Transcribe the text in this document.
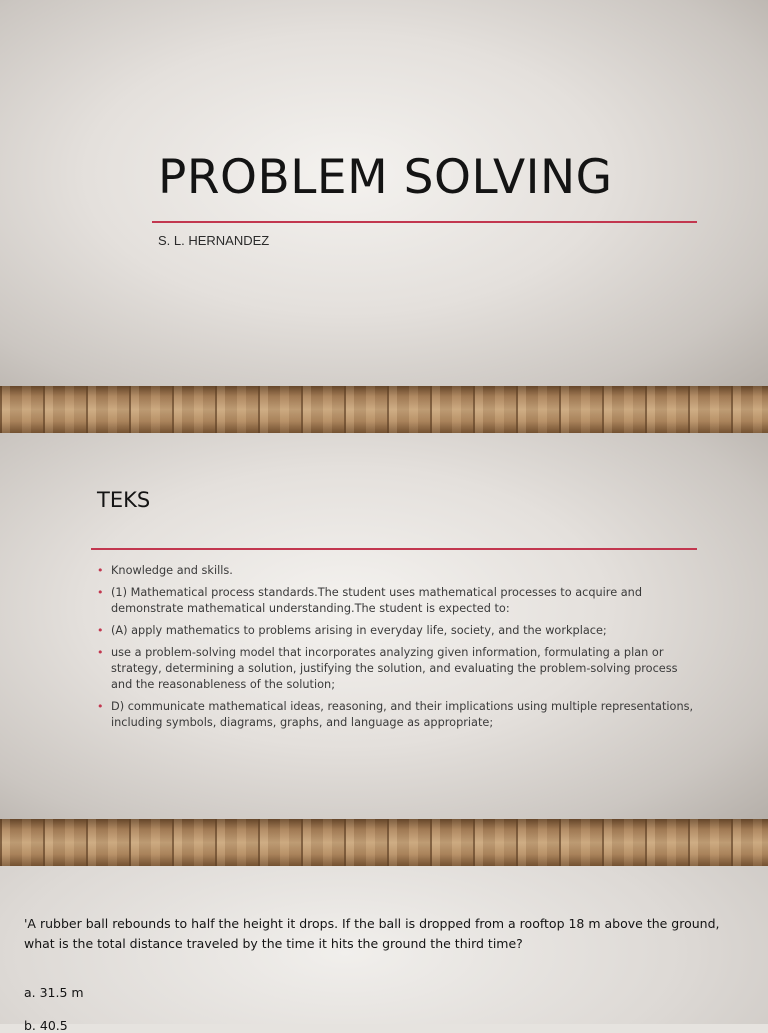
PROBLEM SOLVING
S. L. HERNANDEZ
TEKS
• Knowledge and skills.
• (1) Mathematical process standards.The student uses mathematical processes to acquire and demonstrate mathematical understanding.The student is expected to:
• (A) apply mathematics to problems arising in everyday life, society, and the workplace;
• use a problem-solving model that incorporates analyzing given information, formulating a plan or strategy, determining a solution, justifying the solution, and evaluating the problem-solving process and the reasonableness of the solution;
• D) communicate mathematical ideas, reasoning, and their implications using multiple representations, including symbols, diagrams, graphs, and language as appropriate;

'A rubber ball rebounds to half the height it drops. If the ball is dropped from a rooftop 18 m above the ground, what is the total distance traveled by the time it hits the ground the third time?

a. 31.5 m

b. 40.5
